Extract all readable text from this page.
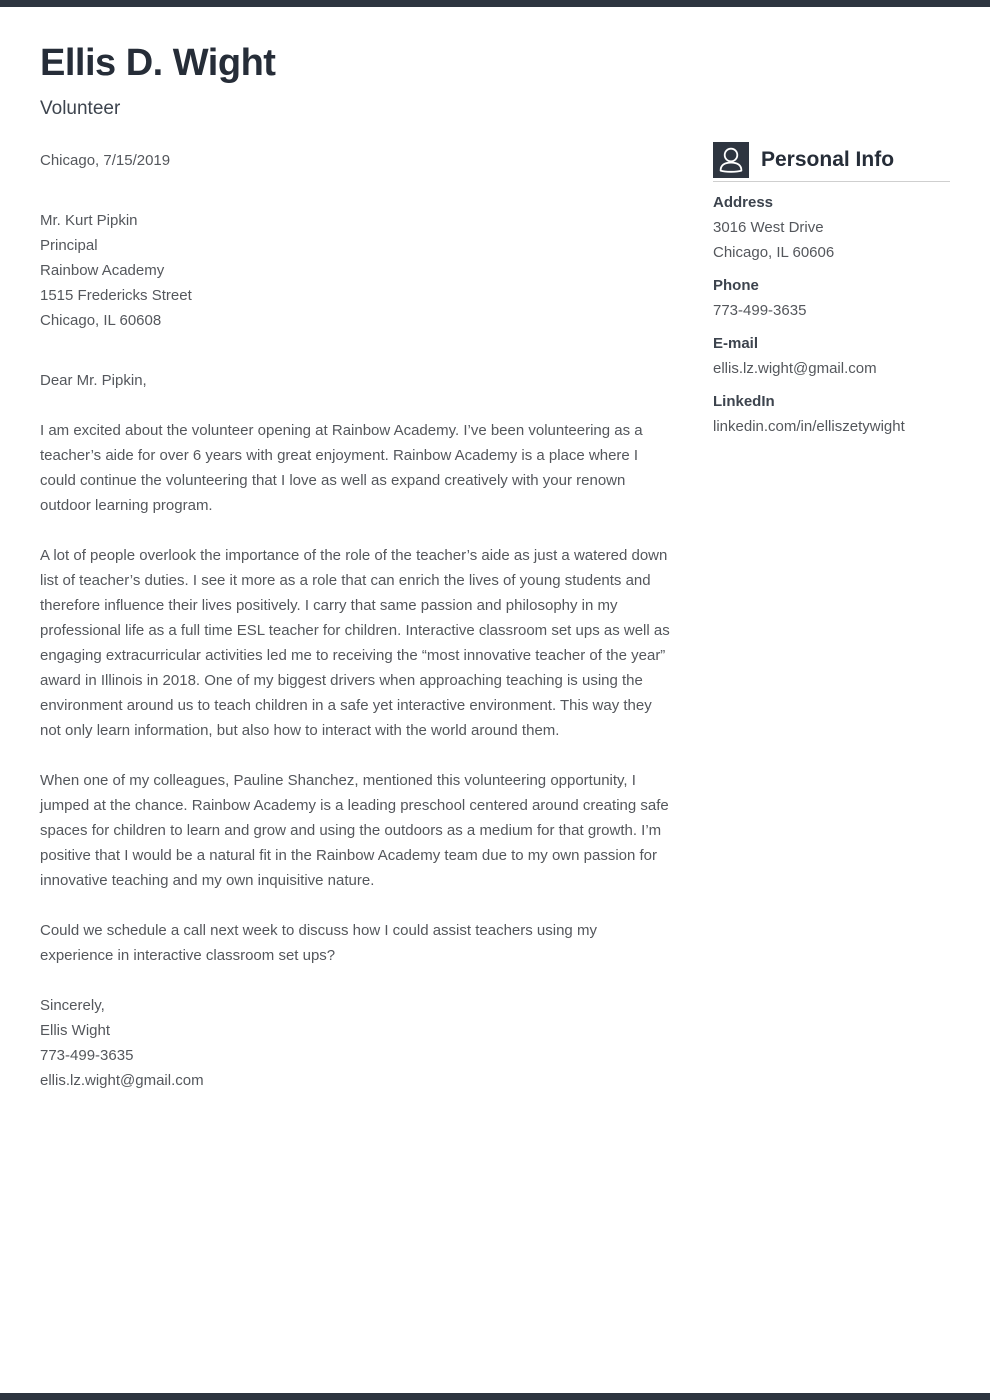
Ellis D. Wight
Volunteer
Chicago, 7/15/2019
Mr. Kurt Pipkin
Principal
Rainbow Academy
1515 Fredericks Street
Chicago, IL 60608
Dear Mr. Pipkin,

I am excited about the volunteer opening at Rainbow Academy. I’ve been volunteering as a teacher’s aide for over 6 years with great enjoyment. Rainbow Academy is a place where I could continue the volunteering that I love as well as expand creatively with your renown outdoor learning program.

A lot of people overlook the importance of the role of the teacher’s aide as just a watered down list of teacher’s duties. I see it more as a role that can enrich the lives of young students and therefore influence their lives positively. I carry that same passion and philosophy in my professional life as a full time ESL teacher for children. Interactive classroom set ups as well as engaging extracurricular activities led me to receiving the “most innovative teacher of the year” award in Illinois in 2018. One of my biggest drivers when approaching teaching is using the environment around us to teach children in a safe yet interactive environment. This way they not only learn information, but also how to interact with the world around them.

When one of my colleagues, Pauline Shanchez, mentioned this volunteering opportunity, I jumped at the chance. Rainbow Academy is a leading preschool centered around creating safe spaces for children to learn and grow and using the outdoors as a medium for that growth. I’m positive that I would be a natural fit in the Rainbow Academy team due to my own passion for innovative teaching and my own inquisitive nature.

Could we schedule a call next week to discuss how I could assist teachers using my experience in interactive classroom set ups?

Sincerely,
Ellis Wight
773-499-3635
ellis.lz.wight@gmail.com
Personal Info
Address
3016 West Drive
Chicago, IL 60606
Phone
773-499-3635
E-mail
ellis.lz.wight@gmail.com
LinkedIn
linkedin.com/in/elliszetywight
